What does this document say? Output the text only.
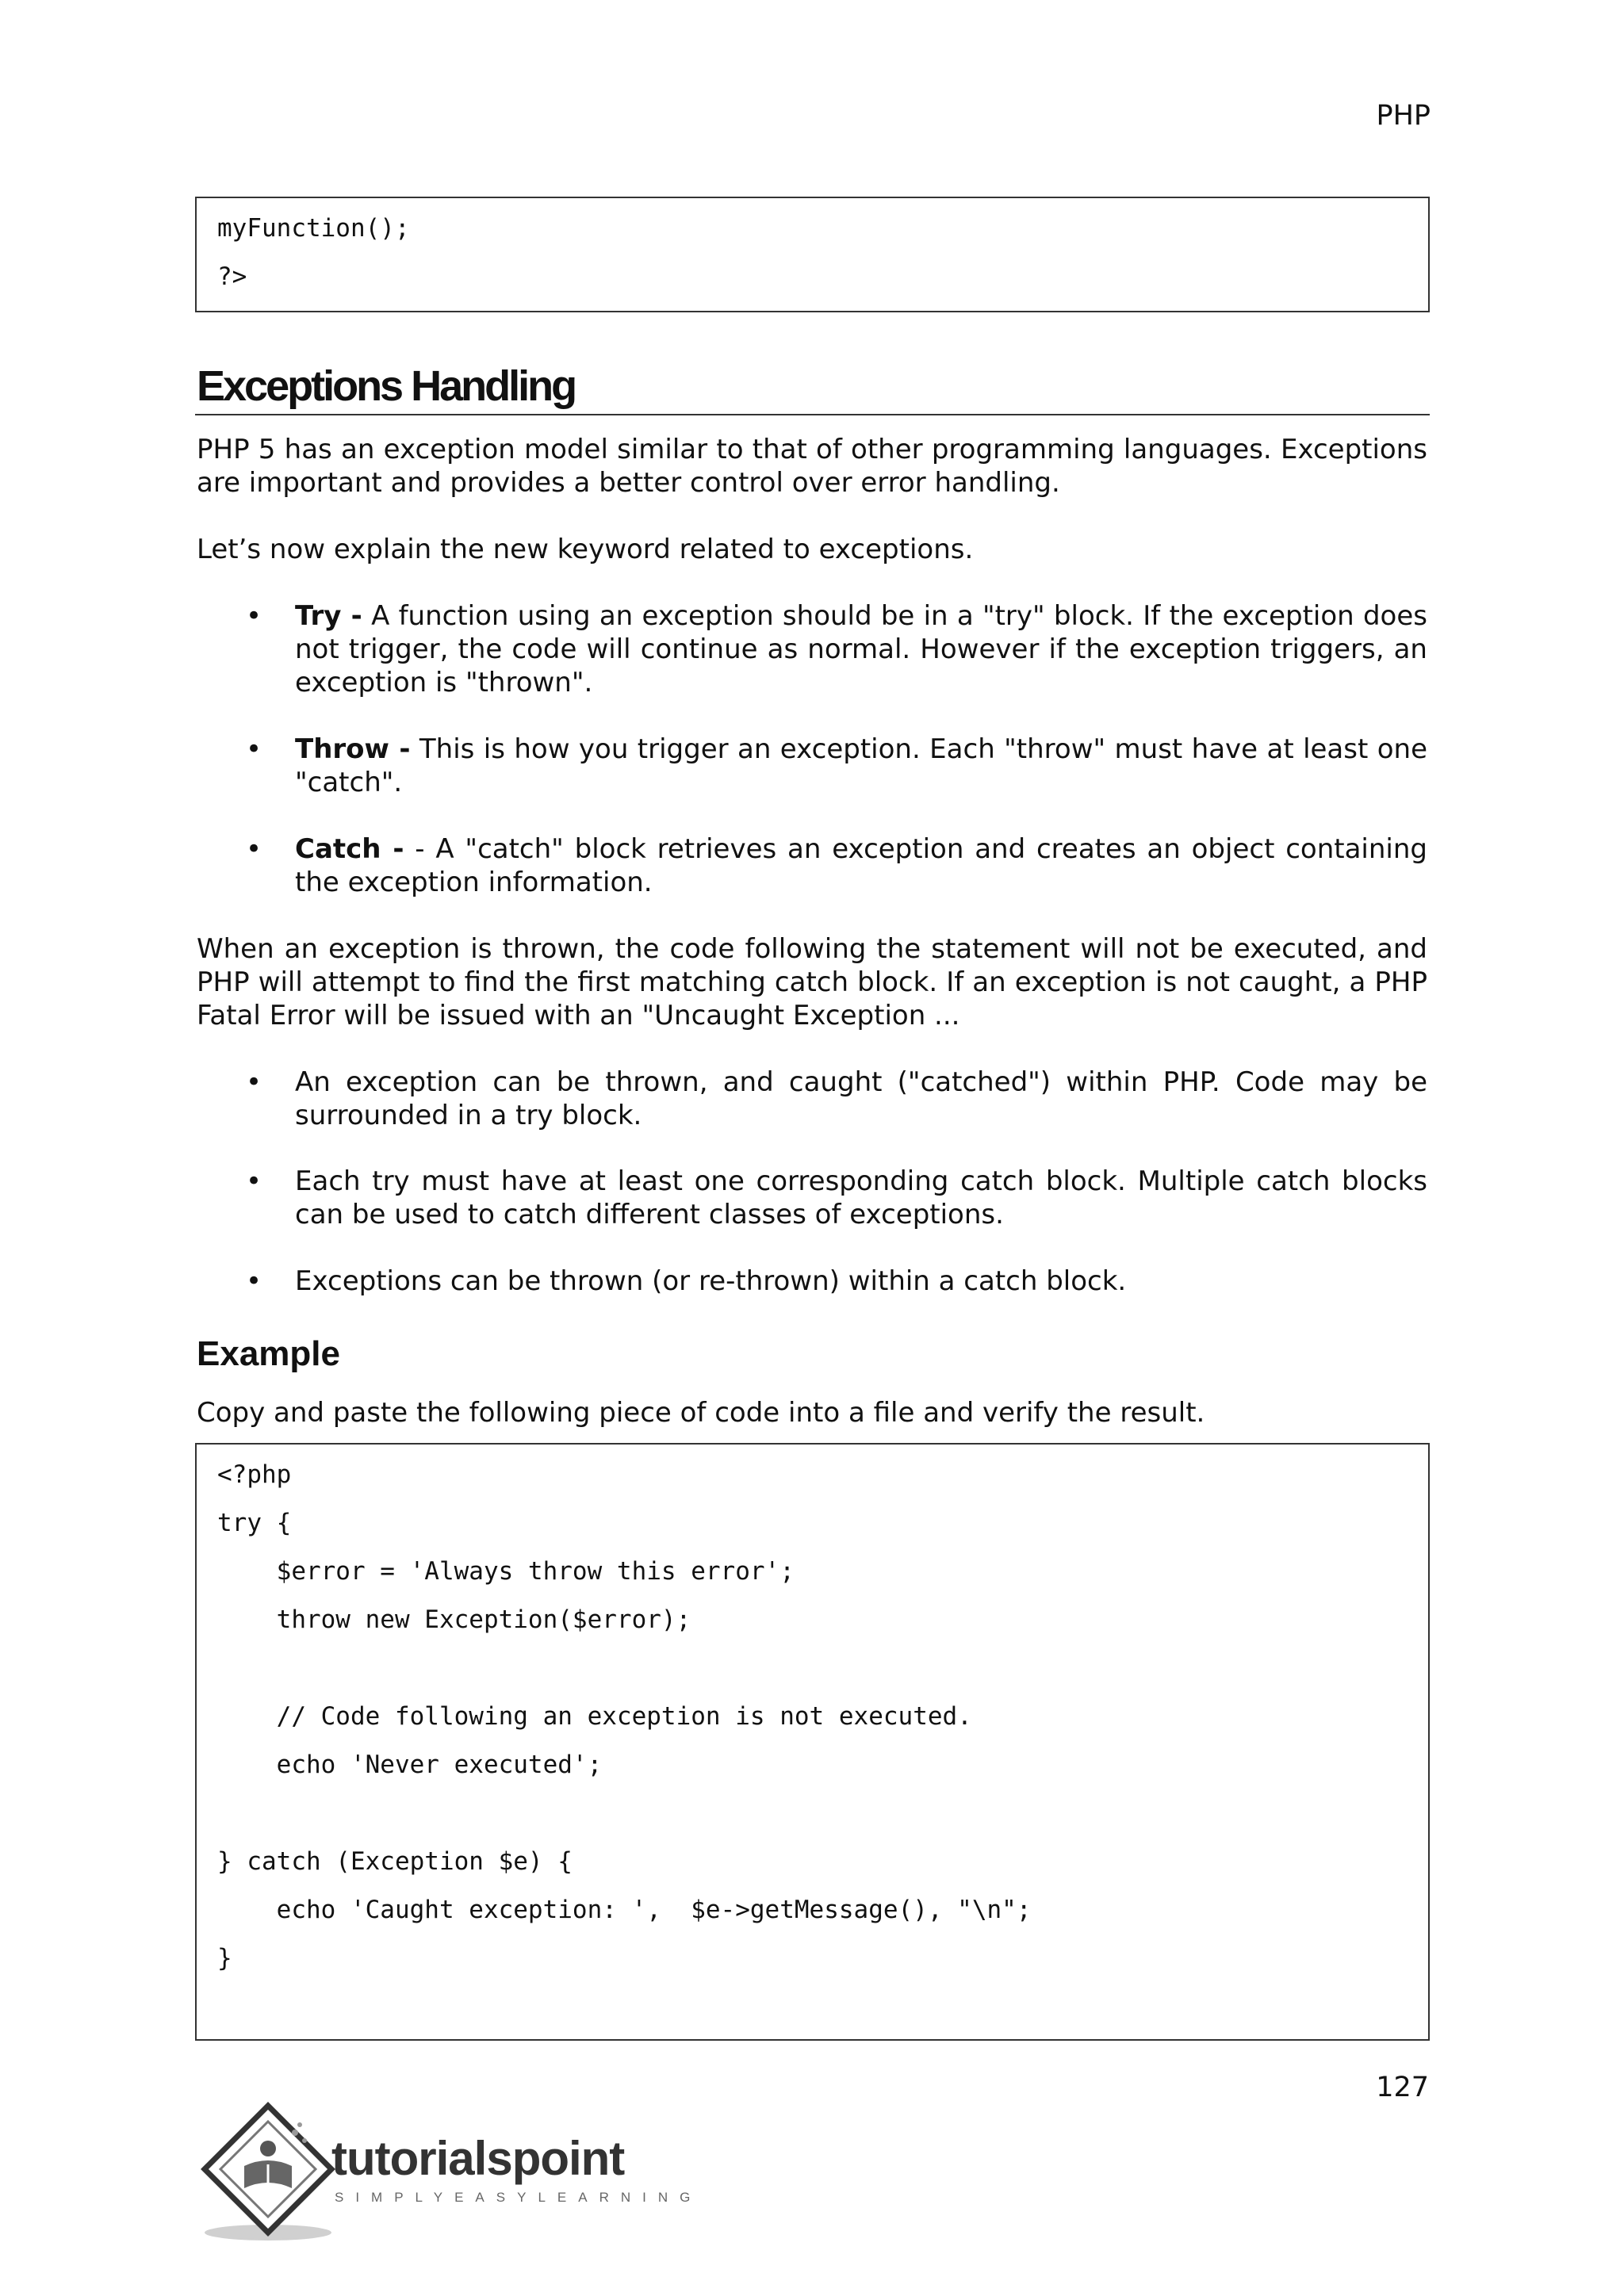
PHP
myFunction();
?>
Exceptions Handling
PHP 5 has an exception model similar to that of other programming languages. Exceptions are important and provides a better control over error handling.
Let’s now explain the new keyword related to exceptions.
• Try - A function using an exception should be in a "try" block. If the exception does not trigger, the code will continue as normal. However if the exception triggers, an exception is "thrown".
• Throw - This is how you trigger an exception. Each "throw" must have at least one "catch".
• Catch - - A "catch" block retrieves an exception and creates an object containing the exception information.
When an exception is thrown, the code following the statement will not be executed, and PHP will attempt to find the first matching catch block. If an exception is not caught, a PHP Fatal Error will be issued with an "Uncaught Exception ...
• An exception can be thrown, and caught ("catched") within PHP. Code may be surrounded in a try block.
• Each try must have at least one corresponding catch block. Multiple catch blocks can be used to catch different classes of exceptions.
• Exceptions can be thrown (or re-thrown) within a catch block.
Example
Copy and paste the following piece of code into a file and verify the result.
<?php
try {
$error = 'Always throw this error';
throw new Exception($error);
// Code following an exception is not executed.
echo 'Never executed';
} catch (Exception $e) {
echo 'Caught exception: ',  $e->getMessage(), "\n";
}
127
tutorialspoint
SIMPLYEASYLEARNING
